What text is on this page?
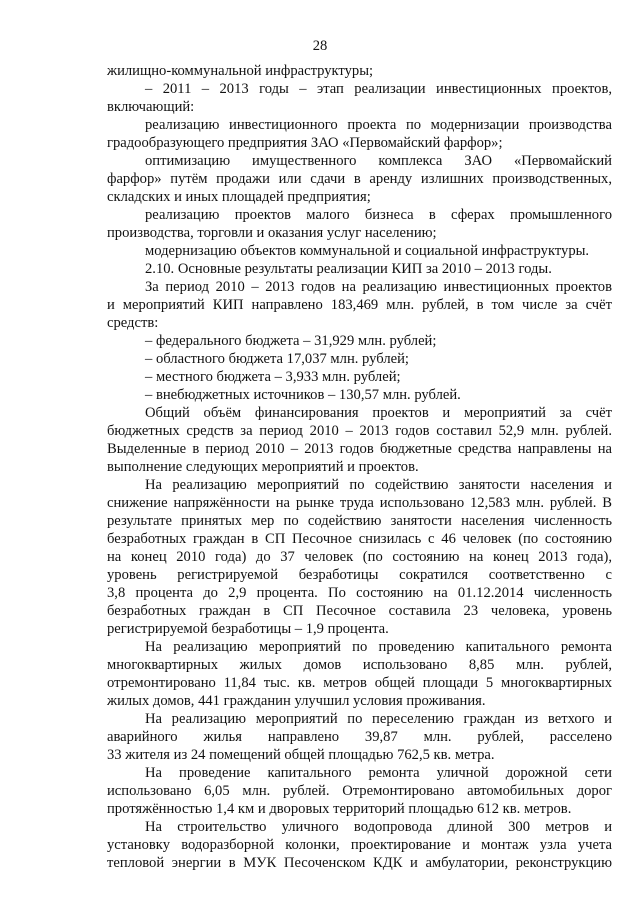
28
жилищно-коммунальной инфраструктуры;
– 2011 – 2013 годы – этап реализации инвестиционных проектов,
включающий:
реализацию инвестиционного проекта по модернизации производства
градообразующего предприятия ЗАО «Первомайский фарфор»;
оптимизацию имущественного комплекса ЗАО «Первомайский
фарфор» путём продажи или сдачи в аренду излишних производственных,
складских и иных площадей предприятия;
реализацию проектов малого бизнеса в сферах промышленного
производства, торговли и оказания услуг населению;
модернизацию объектов коммунальной и социальной инфраструктуры.
2.10. Основные результаты реализации КИП за 2010 – 2013 годы.
За период 2010 – 2013 годов на реализацию инвестиционных проектов
и мероприятий КИП направлено 183,469 млн. рублей, в том числе за счёт
средств:
– федерального бюджета – 31,929 млн. рублей;
– областного бюджета 17,037 млн. рублей;
– местного бюджета – 3,933 млн. рублей;
– внебюджетных источников – 130,57 млн. рублей.
Общий объём финансирования проектов и мероприятий за счёт
бюджетных средств за период 2010 – 2013 годов составил 52,9 млн. рублей.
Выделенные в период 2010 – 2013 годов бюджетные средства направлены на
выполнение следующих мероприятий и проектов.
На реализацию мероприятий по содействию занятости населения и
снижение напряжённости на рынке труда использовано 12,583 млн. рублей. В
результате принятых мер по содействию занятости населения численность
безработных граждан в СП Песочное снизилась с 46 человек (по состоянию
на конец 2010 года) до 37 человек (по состоянию на конец 2013 года),
уровень регистрируемой безработицы сократился соответственно с
3,8 процента до 2,9 процента. По состоянию на 01.12.2014 численность
безработных граждан в СП Песочное составила 23 человека, уровень
регистрируемой безработицы – 1,9 процента.
На реализацию мероприятий по проведению капитального ремонта
многоквартирных жилых домов использовано 8,85 млн. рублей,
отремонтировано 11,84 тыс. кв. метров общей площади 5 многоквартирных
жилых домов, 441 гражданин улучшил условия проживания.
На реализацию мероприятий по переселению граждан из ветхого и
аварийного жилья направлено 39,87 млн. рублей, расселено
33 жителя из 24 помещений общей площадью 762,5 кв. метра.
На проведение капитального ремонта уличной дорожной сети
использовано 6,05 млн. рублей. Отремонтировано автомобильных дорог
протяжённостью 1,4 км и дворовых территорий площадью 612 кв. метров.
На строительство уличного водопровода длиной 300 метров и
установку водоразборной колонки, проектирование и монтаж узла учета
тепловой энергии в МУК Песоченском КДК и амбулатории, реконструкцию
